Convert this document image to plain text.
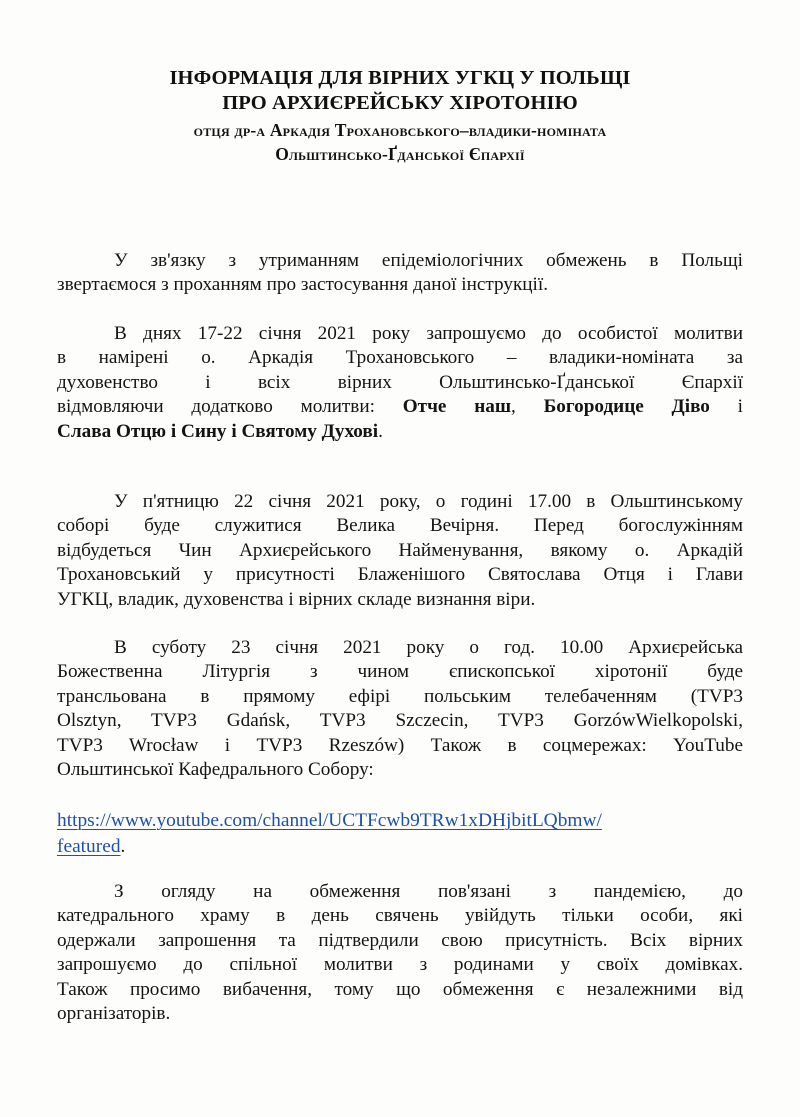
ІНФОРМАЦІЯ ДЛЯ ВІРНИХ УГКЦ У ПОЛЬЩІ
ПРО АРХИЄРЕЙСЬКУ ХІРОТОНІЮ
отця др-а Аркадія Трохановського–владики-номіната
Ольштинсько-Ґданської Єпархії
У зв'язку з утриманням епідеміологічних обмежень в Польщі
звертаємося з проханням про застосування даної інструкції.
В днях 17-22 січня 2021 року запрошуємо до особистої молитви
в намірені о. Аркадія Трохановського – владики-номіната за
духовенство і всіх вірних Ольштинсько-Ґданської Єпархії
відмовляючи додатково молитви: Отче наш, Богородице Діво і
Слава Отцю і Сину і Святому Духові.
У п'ятницю 22 січня 2021 року, о годині 17.00 в Ольштинському
соборі буде служитися Велика Вечірня. Перед богослужінням
відбудеться Чин Архиєрейського Найменування, вякому о. Аркадій
Трохановський у присутності Блаженішого Святослава Отця і Глави
УГКЦ, владик, духовенства і вірних складе визнання віри.
В суботу 23 січня 2021 року о год. 10.00 Архиєрейська
Божественна Літургія з чином єпископської хіротонії буде
трансльована в прямому ефірі польським телебаченням (TVP3
Olsztyn, TVP3 Gdańsk, TVP3 Szczecin, TVP3 GorzówWielkopolski,
TVP3 Wrocław і TVP3 Rzeszów) Також в соцмережах: YouTube
Ольштинської Кафедрального Собору:
https://www.youtube.com/channel/UCTFcwb9TRw1xDHjbitLQbmw/
featured.
З огляду на обмеження пов'язані з пандемією, до
катедрального храму в день свячень увійдуть тільки особи, які
одержали запрошення та підтвердили свою присутність. Всіх вірних
запрошуємо до спільної молитви з родинами у своїх домівках.
Також просимо вибачення, тому що обмеження є незалежними від
організаторів.
